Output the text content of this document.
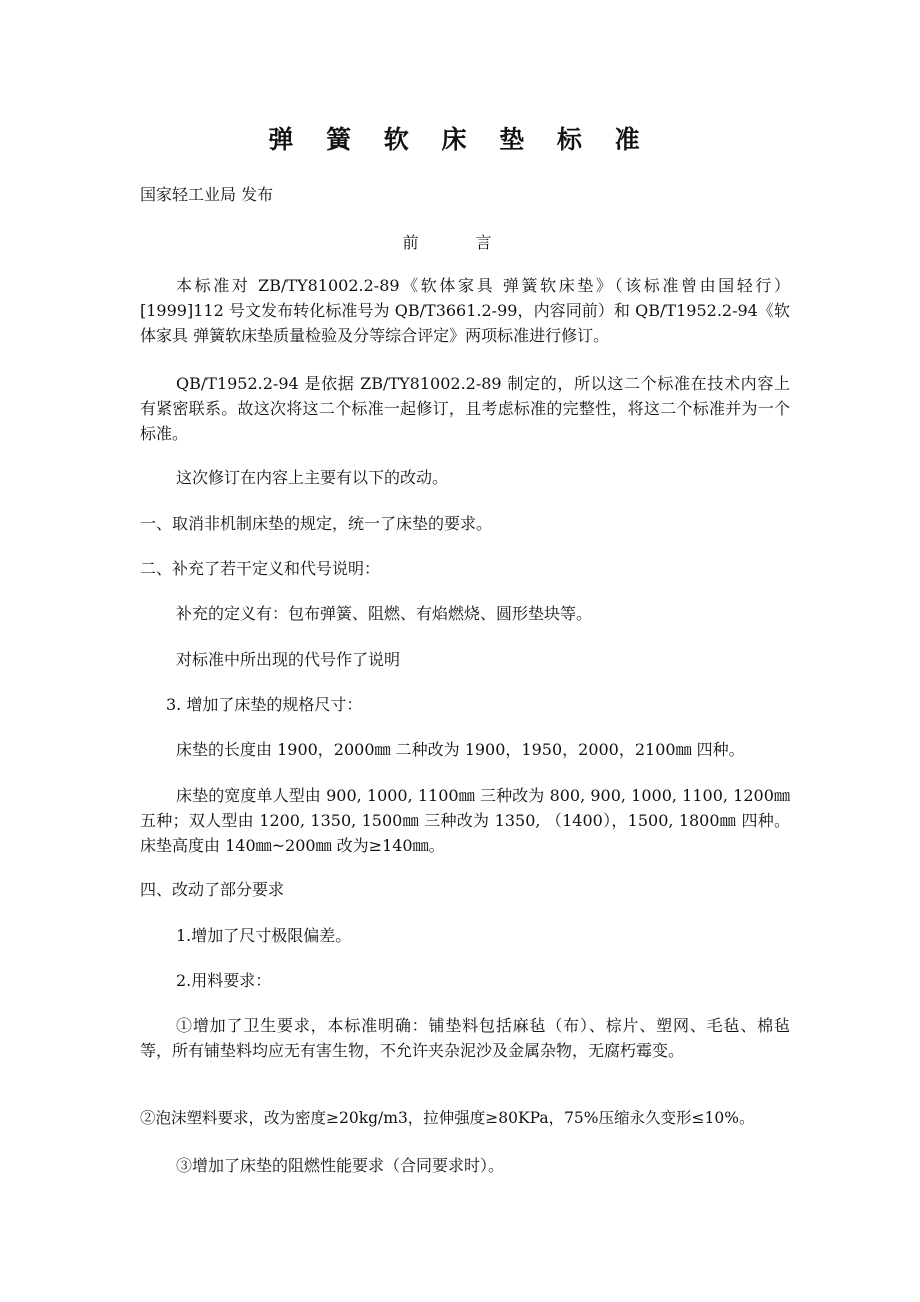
弹 簧 软 床 垫 标 准
国家轻工业局 发布
前 言
本标准对 ZB/TY81002.2-89《软体家具 弹簧软床垫》（该标准曾由国轻行）[1999]112 号文发布转化标准号为 QB/T3661.2-99，内容同前）和 QB/T1952.2-94《软体家具 弹簧软床垫质量检验及分等综合评定》两项标准进行修订。
QB/T1952.2-94 是依据 ZB/TY81002.2-89 制定的，所以这二个标准在技术内容上有紧密联系。故这次将这二个标准一起修订，且考虑标准的完整性，将这二个标准并为一个标准。
这次修订在内容上主要有以下的改动。
一、取消非机制床垫的规定，统一了床垫的要求。
二、补充了若干定义和代号说明：
补充的定义有：包布弹簧、阻燃、有焰燃烧、圆形垫块等。
对标准中所出现的代号作了说明
3. 增加了床垫的规格尺寸：
床垫的长度由 1900，2000㎜ 二种改为 1900，1950，2000，2100㎜ 四种。
床垫的宽度单人型由 900, 1000, 1100㎜ 三种改为 800, 900, 1000, 1100, 1200㎜ 五种；双人型由 1200, 1350, 1500㎜ 三种改为 1350, （1400），1500, 1800㎜ 四种。床垫高度由 140㎜~200㎜ 改为≥140㎜。
四、改动了部分要求
1.增加了尺寸极限偏差。
2.用料要求：
①增加了卫生要求，本标准明确：铺垫料包括麻毡（布）、棕片、塑网、毛毡、棉毡等，所有铺垫料均应无有害生物，不允许夹杂泥沙及金属杂物，无腐朽霉变。
②泡沫塑料要求，改为密度≥20kg/m3，拉伸强度≥80KPa，75%压缩永久变形≤10%。
③增加了床垫的阻燃性能要求（合同要求时）。
